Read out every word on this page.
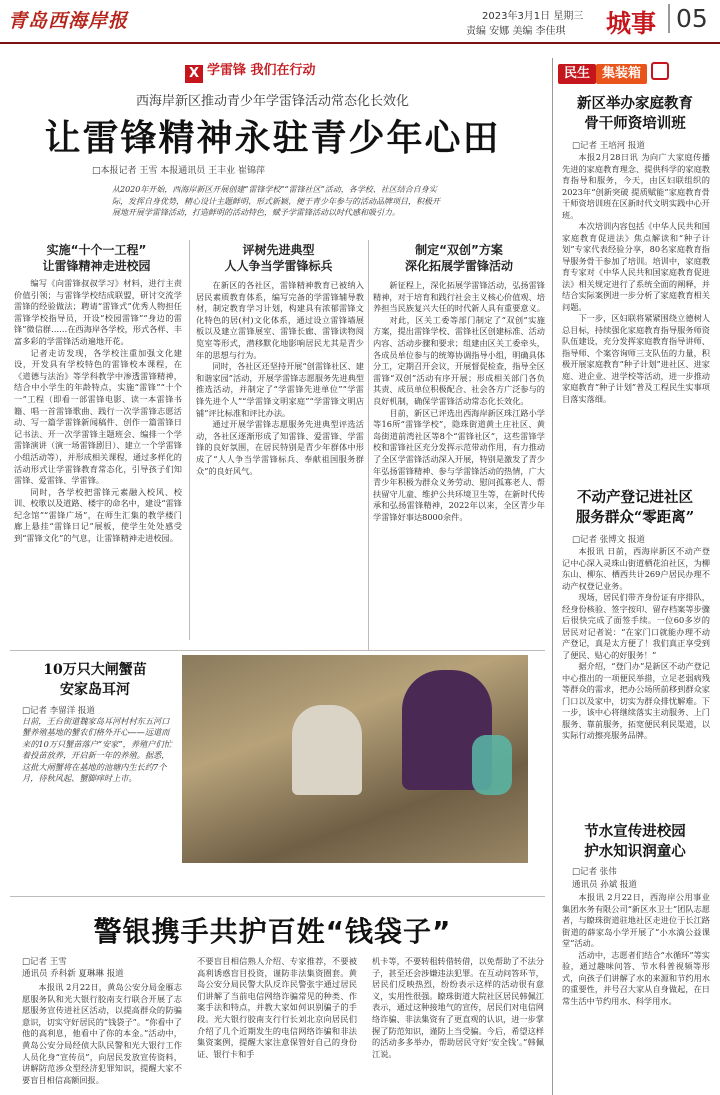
青岛西海岸报	2023年3月1日 星期三
责编 安娜 美编 李佳琪 城事 05
X $^{学雷锋 我们在行动}$
西海岸新区推动青少年学雷锋活动常态化长效化
让雷锋精神永驻青少年心田
□本报记者 王雪 本报通讯员 王丰业 崔锦萍
从2020年开始，西海岸新区开展创建“雷锋学校”“雷锋社区”活动，各学校、社区结合自身实际，发挥自身优势，精心设计主题鲜明、形式新颖、便于青少年参与的活动品牌项目，积极开展地开展学雷锋活动，打造鲜明的活动特色，赋予学雷锋活动以时代感和吸引力。
实施“十个一工程”
让雷锋精神走进校园

编写《向雷锋叔叔学习》材料，进行主责价值引领；与雷锋学校结成联盟，研讨交流学雷锋的经验做法；聘请“雷锋式”优秀人物担任雷锋学校指导员，开设“校园雷锋”“身边的雷锋”微信群……在西海岸各学校，形式各样、丰富多彩的学雷锋活动遍地开花。

记者走访发现，各学校注重加强文化建设，开发具有学校特色的雷锋校本课程，在《道德与法治》等学科教学中渗透雷锋精神，结合中小学生的年龄特点，实施“雷锋”“十个一”工程（即看一部雷锋电影、读一本雷锋书籍、唱一首雷锋歌曲、践行一次学雷锋志愿活动、写一篇学雷锋新闻稿件、创作一篇雷锋日记书法、开一次学雷锋主题班会、编排一个学雷锋演讲（演一场雷锋剧目）、建立一个学雷锋小组活动等），并形成相关课程，通过多样化的活动形式让学雷锋教育常态化，引导孩子们知雷锋、爱雷锋、学雷锋。

同时，各学校把雷锋元素融入校风、校训、校歌以及道路、楼宇的命名中，建设“雷锋纪念馆”“雷锋广场”，在师生汇集的教学楼门廊上悬挂“雷锋日记”展板，使学生处处感受到“雷锋文化”的气息，让雷锋精神走进校园。

评树先进典型
人人争当学雷锋标兵

在新区的各社区，雷锋精神教育已被纳入居民素质教育体系，编写完备的学雷锋辅导教材，制定教育学习计划，构建具有浓郁雷锋文化特色的居(村)文化体系，通过设立雷锋墙展板以及建立雷锋展室、雷锋长廊、雷锋读物阅览室等形式，潜移默化地影响居民尤其是青少年的思想与行为。

同时，各社区还坚持开展“创雷锋社区、建和谐家园”活动，开展学雷锋志愿服务先进典型推选活动，并制定了“学雷锋先进单位”“学雷锋先进个人”“学雷锋文明家庭”“学雷锋文明店铺”评比标准和评比办法。

通过开展学雷锋志愿服务先进典型评选活动，各社区逐渐形成了知雷锋、爱雷锋、学雷锋的良好氛围，在居民特别是青少年群体中形成了“人人争当学雷锋标兵、奉献祖国服务群众”的良好风气。

制定“双创”方案
深化拓展学雷锋活动

新征程上，深化拓展学雷锋活动，弘扬雷锋精神，对于培育和践行社会主义核心价值观、培养担当民族复兴大任的时代新人具有重要意义。

对此，区关工委等部门制定了“双创”实施方案，提出雷锋学校、雷锋社区创建标准、活动内容、活动步骤和要求；组建由区关工委牵头，各成员单位参与的统筹协调指导小组，明确具体分工，定期召开会议，开展督促检查，指导全区雷锋“双创”活动有序开展；形成相关部门各负其责、成员单位积极配合、社会各方广泛参与的良好机制，确保学雷锋活动常态化长效化。

目前，新区已评选出西海岸新区珠江路小学等16所“雷锋学校”，隐珠街道黄土庄社区、黄岛街道前湾社区等8个“雷锋社区”，这些雷锋学校和雷锋社区充分发挥示范带动作用，有力推动了全区学雷锋活动深入开展，特别是激发了青少年弘扬雷锋精神、参与学雷锋活动的热情，广大青少年积极为群众义务劳动、慰问孤寡老人、帮扶留守儿童、维护公共环境卫生等，在新时代传承和弘扬雷锋精神，2022年以来，全区青少年学雷锋好事达8000余件。

10万只大闸蟹苗
安家岛耳河
□记者 李留洋 报道
日前，王台街道魏家岛耳河村村东五河口蟹养殖基地的蟹农们格外开心——远道而来的10万只蟹苗落户“安家”，养殖户们忙着投苗放养，开启新一年的养殖。据悉，这批大闸蟹将在基地的池塘内生长约7个月，待秋风起、蟹脚痒时上市。
警银携手共护百姓“钱袋子”
□记者 王雪
通讯员 乔科新 夏琳琳 报道

本报讯 2月22日，黄岛公安分局金雁志愿服务队和光大银行胶南支行联合开展了志愿服务宣传进社区活动，以提高群众的防骗意识，切实守好居民的“钱袋子”。“你看中了他的高利息，他看中了你的本金。”活动中，黄岛公安分局经侦大队民警和光大银行工作人员化身“宣传员”，向居民发放宣传资料，讲解防范涉众型经济犯罪知识，提醒大家不要盲目相信高额回报。

不要盲目相信熟人介绍、专家推荐，不要被高利诱惑盲目投资，谨防非法集资圈套。黄岛公安分局民警大队反诈民警张宇通过居民们讲解了当前电信网络诈骗常见的种类、作案手法和特点，并教大家如何识别骗子的手段。光大银行胶南支行行长刘北京向居民们介绍了几个近期发生的电信网络诈骗和非法集资案例，提醒大家注意保管好自己的身份证、银行卡和手

机卡等，不要转租转借转借，以免帮助了不法分子，甚至还会涉嫌违法犯罪。在互动问答环节，居民们反映热烈，纷纷表示这样的活动很有意义，实用性很强。瞭珠街道大院社区居民韩佩江表示，通过这种接地气的宣传，居民们对电信网络诈骗、非法集资有了更直观的认识，进一步掌握了防范知识，谨防上当受骗。今后，希望这样的活动多多举办，帮助居民守好‘安全钱’。”韩佩江说。

民生 集装箱
新区举办家庭教育
骨干师资培训班
□记者 王培河 报道

本报2月28日讯 为向广大家庭传播先进的家庭教育理念、提供科学的家庭教育指导和服务，今天，由区妇联组织的2023年“创新突破 提质赋能”家庭教育骨干师资培训班在区新时代文明实践中心开班。

本次培训内容包括《中华人民共和国家庭教育促进法》焦点解读和“种子计划”专家代表经验分享，80名家庭教育指导服务骨干参加了培训。培训中，家庭教育专家对《中华人民共和国家庭教育促进法》相关规定进行了系统全面的阐释，并结合实际案例进一步分析了家庭教育相关问题。

下一步，区妇联将紧紧围绕立德树人总目标，持续强化家庭教育指导服务师资队伍建设，充分发挥家庭教育指导讲师、指导师、个案咨询师三支队伍的力量，积极开展家庭教育“种子计划”进社区、进家庭、进企业、进学校等活动，进一步推动家庭教育“种子计划”普及工程民生实事项目落实落细。

不动产登记进社区
服务群众“零距离”
□记者 张博文 报道

本报讯 日前，西海岸新区不动产登记中心深入灵珠山街道栖花泊社区，为柳东山、柳东、栖西共计269户居民办理不动产权登记业务。

现场，居民们带齐身份证有序排队，经身份核验、签字按印、留存档案等步骤后很快完成了面签手续。一位60多岁的居民对记者说：“在家门口就能办理不动产登记，真是太方便了！我们真正享受到了便民、贴心的好服务！”

据介绍，“登门办”是新区不动产登记中心推出的一项便民举措，立足老弱病残等群众的需求，把办公场所前移到群众家门口以及家中，切实为群众排忧解难。下一步，该中心将继续落实主动服务、上门服务、靠前服务，拓宽便民利民渠道，以实际行动擦亮服务品牌。

节水宣传进校园
护水知识润童心
□记者 张伟
通讯员 孙斌 报道

本报讯 2月22日，西海岸公用事业集团水务有限公司“新区水卫士”团队志愿者，与瞭珠街道驻地社区走进位于长江路街道的薛家岛小学开展了“小水滴公益课堂”活动。

活动中，志愿者们结合“水循环”等实验，通过趣味问答、节水科普视频等形式，向孩子们讲解了水的来源和节约用水的重要性，并号召大家从自身做起，在日常生活中节约用水、科学用水。
